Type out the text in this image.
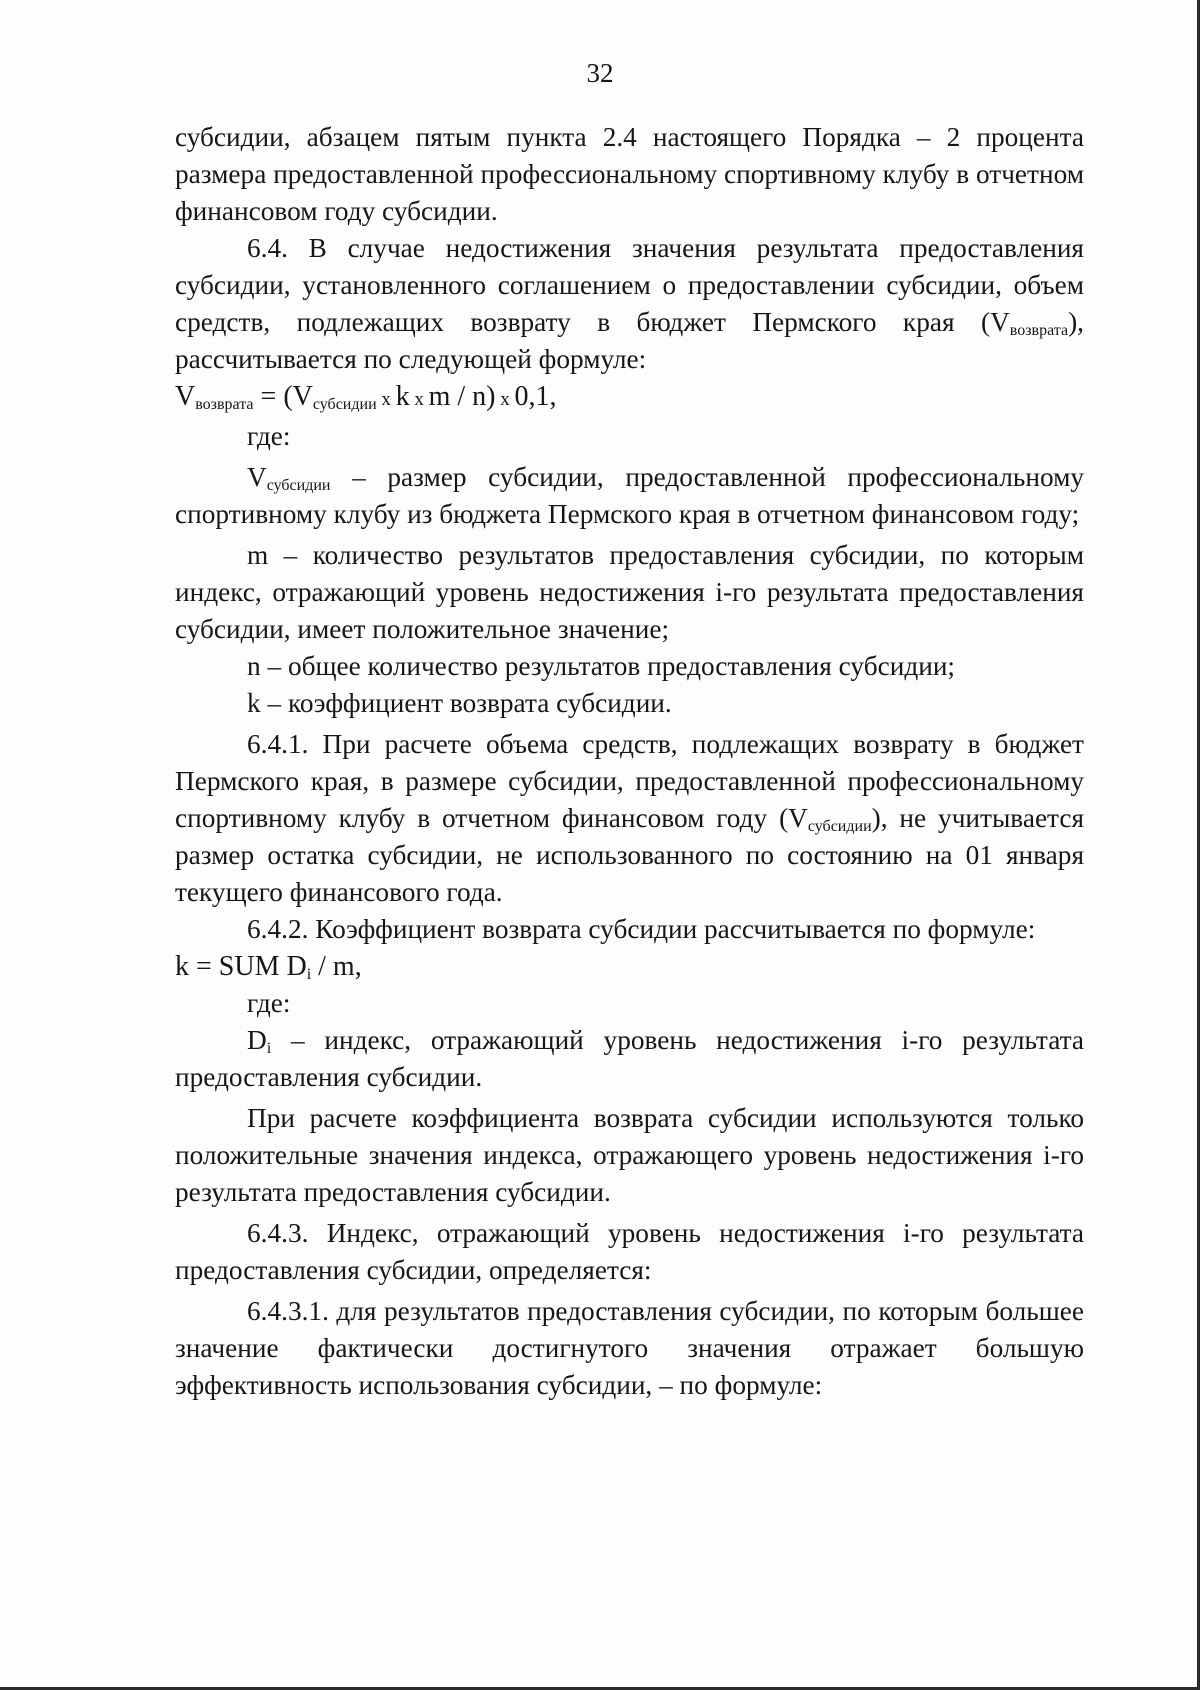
32

субсидии, абзацем пятым пункта 2.4 настоящего Порядка – 2 процента размера предоставленной профессиональному спортивному клубу в отчетном финансовом году субсидии.

6.4. В случае недостижения значения результата предоставления субсидии, установленного соглашением о предоставлении субсидии, объем средств, подлежащих возврату в бюджет Пермского края $(V_{возврата})$, рассчитывается по следующей формуле:

$V_{возврата} = (V_{субсидии}$ x k x m / n) x 0,1,

где:

$V_{субсидии}$ – размер субсидии, предоставленной профессиональному спортивному клубу из бюджета Пермского края в отчетном финансовом году;

m – количество результатов предоставления субсидии, по которым индекс, отражающий уровень недостижения i-го результата предоставления субсидии, имеет положительное значение;

n – общее количество результатов предоставления субсидии;

k – коэффициент возврата субсидии.

6.4.1. При расчете объема средств, подлежащих возврату в бюджет Пермского края, в размере субсидии, предоставленной профессиональному спортивному клубу в отчетном финансовом году $(V_{субсидии})$, не учитывается размер остатка субсидии, не использованного по состоянию на 01 января текущего финансового года.

6.4.2. Коэффициент возврата субсидии рассчитывается по формуле:

k = SUM $D_i$ / m,

где:

$D_i$ – индекс, отражающий уровень недостижения i-го результата предоставления субсидии.

При расчете коэффициента возврата субсидии используются только положительные значения индекса, отражающего уровень недостижения i-го результата предоставления субсидии.

6.4.3. Индекс, отражающий уровень недостижения i-го результата предоставления субсидии, определяется:

6.4.3.1. для результатов предоставления субсидии, по которым большее значение фактически достигнутого значения отражает большую эффективность использования субсидии, – по формуле:
